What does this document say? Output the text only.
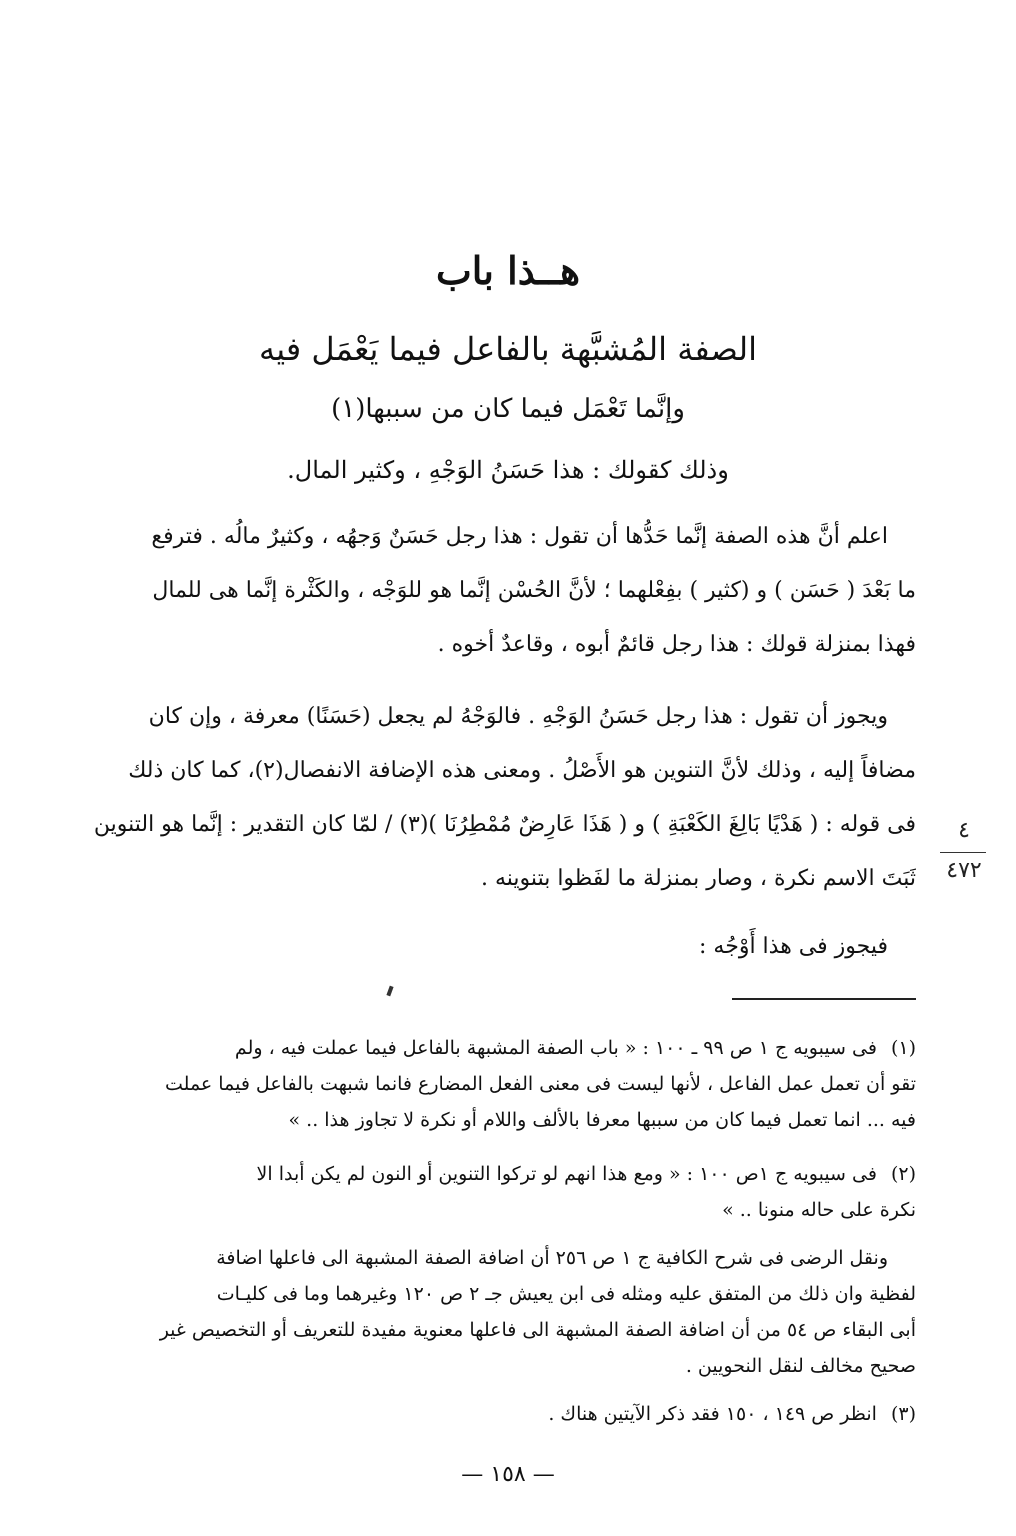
هــذا باب
الصفة المُشبَّهة بالفاعل فيما يَعْمَل فيه
وإنَّما تَعْمَل فيما كان من سببها(١)
وذلك كقولك : هذا حَسَنُ الوَجْهِ ، وكثير المال.
اعلم أنَّ هذه الصفة إنَّما حَدُّها أن تقول : هذا رجل حَسَنٌ وَجهُه ، وكثيرٌ مالُه . فترفع
ما بَعْدَ ( حَسَن ) و (كثير ) بفِعْلهما ؛ لأنَّ الحُسْن إنَّما هو للوَجْه ، والكَثْرة إنَّما هى للمال
فهذا بمنزلة قولك : هذا رجل قائمٌ أبوه ، وقاعدٌ أخوه .
ويجوز أن تقول : هذا رجل حَسَنُ الوَجْهِ . فالوَجْهُ لم يجعل (حَسَنًا) معرفة ، وإن كان
مضافاً إليه ، وذلك لأنَّ التنوين هو الأَصْلُ . ومعنى هذه الإضافة الانفصال(٢)، كما كان ذلك
فى قوله : ( هَدْيًا بَالِغَ الكَعْبَةِ ) و ( هَذَا عَارِضٌ مُمْطِرُنَا )(٣) / لمّا كان التقدير : إنَّما هو التنوين
ثَبَتَ الاسم نكرة ، وصار بمنزلة ما لفَظوا بتنوينه .
فيجوز فى هذا أَوْجُه :
٤
٤٧٢
(١)فى سيبويه ج ١ ص ٩٩ ـ ١٠٠ : « باب الصفة المشبهة بالفاعل فيما عملت فيه ، ولم
تقو أن تعمل عمل الفاعل ، لأنها ليست فى معنى الفعل المضارع فانما شبهت بالفاعل فيما عملت
فيه ... انما تعمل فيما كان من سببها معرفا بالألف واللام أو نكرة لا تجاوز هذا .. »
(٢)فى سيبويه ج ١ص ١٠٠ : « ومع هذا انهم لو تركوا التنوين أو النون لم يكن أبدا الا
نكرة على حاله منونا .. »
ونقل الرضى فى شرح الكافية ج ١ ص ٢٥٦ أن اضافة الصفة المشبهة الى فاعلها اضافة
لفظية وان ذلك من المتفق عليه ومثله فى ابن يعيش جـ ٢ ص ١٢٠ وغيرهما وما فى كليـات
أبى البقاء ص ٥٤ من أن اضافة الصفة المشبهة الى فاعلها معنوية مفيدة للتعريف أو التخصيص غير
صحيح مخالف لنقل النحويين .
(٣)انظر ص ١٤٩ ، ١٥٠ فقد ذكر الآيتين هناك .
— ١٥٨ —
